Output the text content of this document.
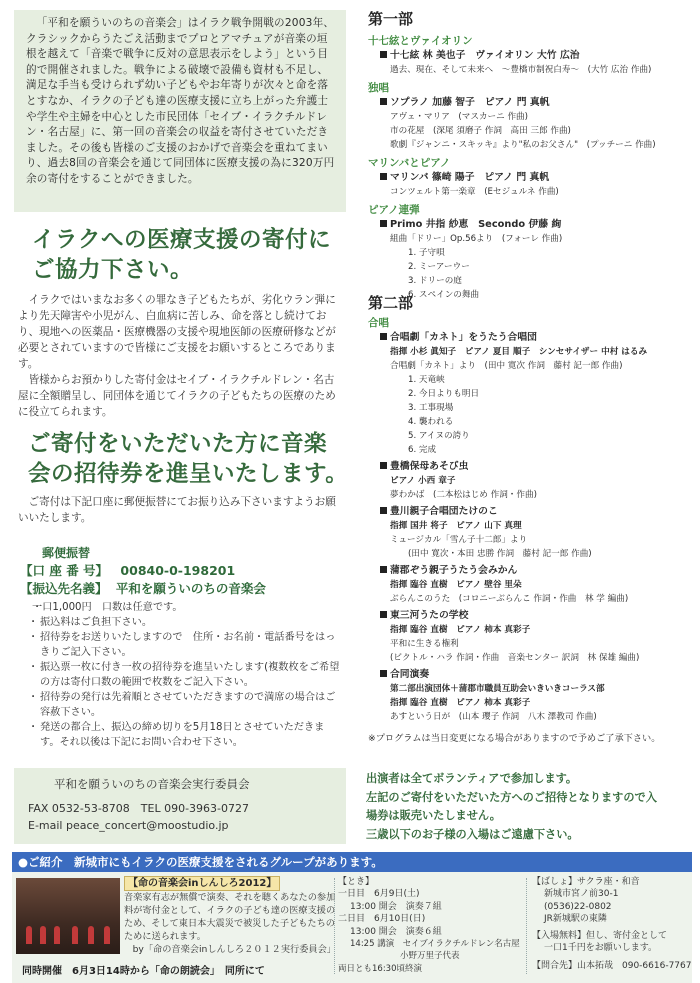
「平和を願ういのちの音楽会」はイラク戦争開戦の2003年、クラシックからうたごえ活動までプロとアマチュアが音楽の垣根を越えて「音楽で戦争に反対の意思表示をしよう」という目的で開催されました。戦争による破壊で設備も資材も不足し、満足な手当も受けられず幼い子どもやお年寄りが次々と命を落とすなか、イラクの子ども達の医療支援に立ち上がった弁護士や学生や主婦を中心とした市民団体「セイブ・イラクチルドレン・名古屋」に、第一回の音楽会の収益を寄付させていただきました。その後も皆様のご支援のおかげで音楽会を重ねてまいり、過去8回の音楽会を通じて同団体に医療支援の為に320万円余の寄付をすることができました。

イラクへの医療支援の寄付に
ご協力下さい。

イラクではいまなお多くの罪なき子どもたちが、劣化ウラン弾により先天障害や小児がん、白血病に苦しみ、命を落とし続けており、現地への医薬品・医療機器の支援や現地医師の医療研修などが必要とされていますので皆様にご支援をお願いするところであります。

皆様からお預かりした寄付金はセイブ・イラクチルドレン・名古屋に全額贈呈し、同団体を通じてイラクの子どもたちの医療のために役立てられます。

ご寄付をいただいた方に音楽
会の招待券を進呈いたします。

ご寄付は下記口座に郵便振替にてお振り込み下さいますようお願いいたします。

郵便振替
【口 座 番 号】 00840-0-198201
【振込先名義】 平和を願ういのちの音楽会
・ 一口1,000円　口数は任意です。
・ 振込料はご負担下さい。
・ 招待券をお送りいたしますので　住所・お名前・電話番号をはっきりご記入下さい。
・ 振込票一枚に付き一枚の招待券を進呈いたします(複数枚をご希望の方は寄付口数の範囲で枚数をご記入下さい。
・ 招待券の発行は先着順とさせていただきますので満席の場合はご容赦下さい。
・ 発送の都合上、振込の締め切りを5月18日とさせていただきます。それ以後は下記にお問い合わせ下さい。
平和を願ういのちの音楽会実行委員会
FAX 0532-53-8708　TEL 090-3963-0727
E-mail peace_concert@moostudio.jp
第一部
十七絃とヴァイオリン
十七絃 林 美也子　ヴァイオリン 大竹 広治
過去、現在、そして未来へ　～豊橋市制祝白寿～　(大竹 広治 作曲)
独唱
ソプラノ 加藤 智子　ピアノ 門 真帆
アヴェ・マリア　(マスカーニ 作曲)
市の花屋　(深尾 須磨子 作詞　高田 三郎 作曲)
歌劇『ジャンニ・スキッキ』より"私のお父さん"　(プッチーニ 作曲)
マリンバとピアノ
マリンバ 篠崎 陽子　ピアノ 門 真帆
コンツェルト第一楽章　(Eセジュルネ 作曲)
ピアノ連弾
Primo 井指 紗恵　Secondo 伊藤 絢
組曲「ドリー」Op.56より　(フォーレ 作曲)
1. 子守唄
2. ミーアーウー
3. ドリーの庭
6. スペインの舞曲
第二部
合唱
合唱劇「カネト」をうたう合唱団
指揮 小杉 眞知子　ピアノ 夏目 順子　シンセサイザー 中村 はるみ
合唱劇「カネト」より　(田中 寛次 作詞　藤村 記一郎 作曲)
1. 天竜峡
2. 今日よりも明日
3. 工事現場
4. 襲われる
5. アイヌの誇り
6. 完成
豊橋保母あそび虫
ピアノ 小西 章子
夢わかば　(二本松はじめ 作詞・作曲)
豊川親子合唱団たけのこ
指揮 国井 将子　ピアノ 山下 真理
ミュージカル「雪ん子十二郎」より
(田中 寛次・本田 忠勝 作詞　藤村 記一郎 作曲)
蒲郡ぞう親子うたう会みかん
指揮 臨谷 直樹　ピアノ 壁谷 里朵
ぶらんこのうた　(コロニーぶらんこ 作詞・作曲　林 学 編曲)
東三河うたの学校
指揮 臨谷 直樹　ピアノ 柿本 真彩子
平和に生きる権利
(ビクトル・ハラ 作詞・作曲　音楽センター 訳詞　林 保雄 編曲)
合同演奏
第二部出演団体＋蒲郡市職員互助会いきいきコーラス部
指揮 臨谷 直樹　ピアノ 柿本 真彩子
あすという日が　(山本 瓔子 作詞　八木 澤教司 作曲)
※プログラムは当日変更になる場合がありますので予めご了承下さい。
出演者は全てボランティアで参加します。
左記のご寄付をいただいた方へのご招待となりますので入
場券は販売いたしません。
三歳以下のお子様の入場はご遠慮下さい。
●ご紹介　新城市にもイラクの医療支援をされるグループがあります。
【命の音楽会inしんしろ2012】
音楽家有志が無償で演奏、それを聴くあなたの参加料が寄付金として、イラクの子ども達の医療支援のため、そして東日本大震災で被災した子どもたちのために送られます。
by「命の音楽会inしんしろ２０１２実行委員会」
【とき】
一日目　6月9日(土)
13:00 開会　演奏７組
二日目　6月10日(日)
13:00 開会　演奏６組
14:25 講演　セイブイラクチルドレン名古屋
小野万里子代表
両日とも16:30頃終演
【ばしょ】サクラ座・和音
新城市宮ノ前30-1
(0536)22-0802
JR新城駅の東隣
【入場無料】但し、寄付金として
一口1千円をお願いします。
【問合先】山本拓哉　090-6616-7767
同時開催　6月3日14時から「命の朗読会」　同所にて
